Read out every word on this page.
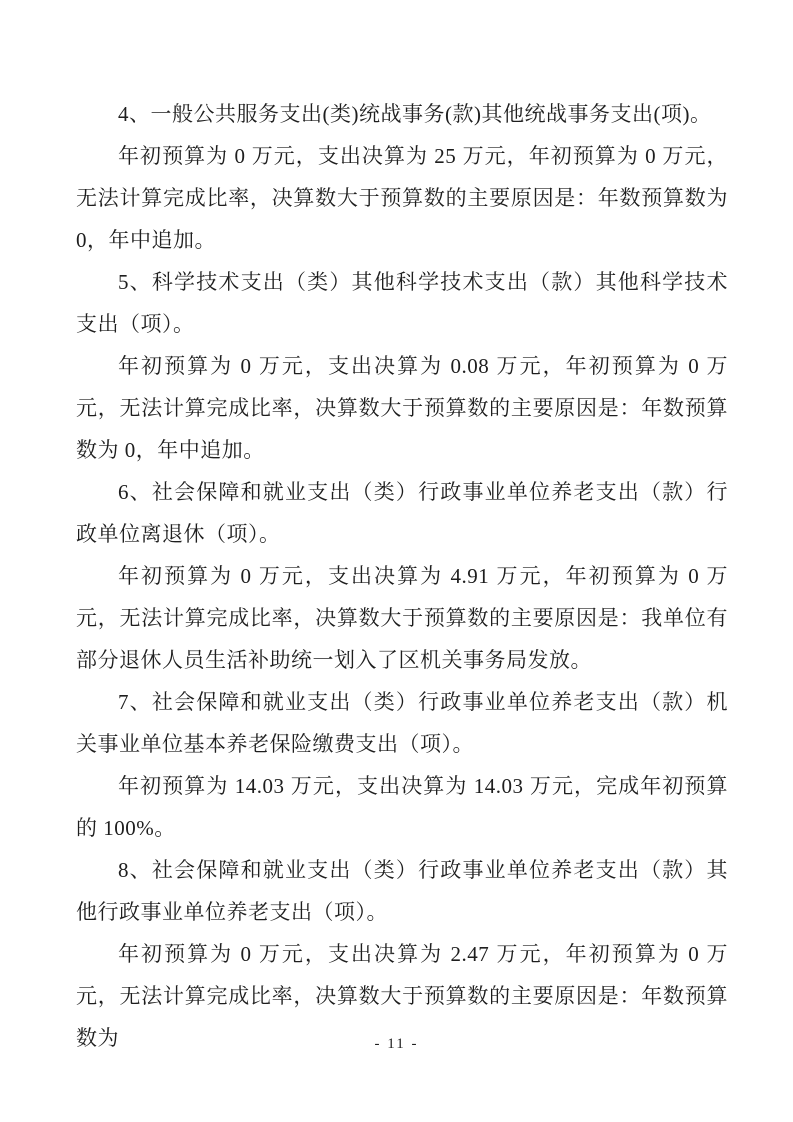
4、一般公共服务支出(类)统战事务(款)其他统战事务支出(项)。

年初预算为 0 万元，支出决算为 25 万元，年初预算为 0 万元，无法计算完成比率，决算数大于预算数的主要原因是：年数预算数为 0，年中追加。

5、科学技术支出（类）其他科学技术支出（款）其他科学技术支出（项）。

年初预算为 0 万元，支出决算为 0.08 万元，年初预算为 0 万元，无法计算完成比率，决算数大于预算数的主要原因是：年数预算数为 0，年中追加。

6、社会保障和就业支出（类）行政事业单位养老支出（款）行政单位离退休（项）。

年初预算为 0 万元，支出决算为 4.91 万元，年初预算为 0 万元，无法计算完成比率，决算数大于预算数的主要原因是：我单位有部分退休人员生活补助统一划入了区机关事务局发放。

7、社会保障和就业支出（类）行政事业单位养老支出（款）机关事业单位基本养老保险缴费支出（项）。

年初预算为 14.03 万元，支出决算为 14.03 万元，完成年初预算的 100%。

8、社会保障和就业支出（类）行政事业单位养老支出（款）其他行政事业单位养老支出（项）。

年初预算为 0 万元，支出决算为 2.47 万元，年初预算为 0 万元，无法计算完成比率，决算数大于预算数的主要原因是：年数预算数为	- 11 -
